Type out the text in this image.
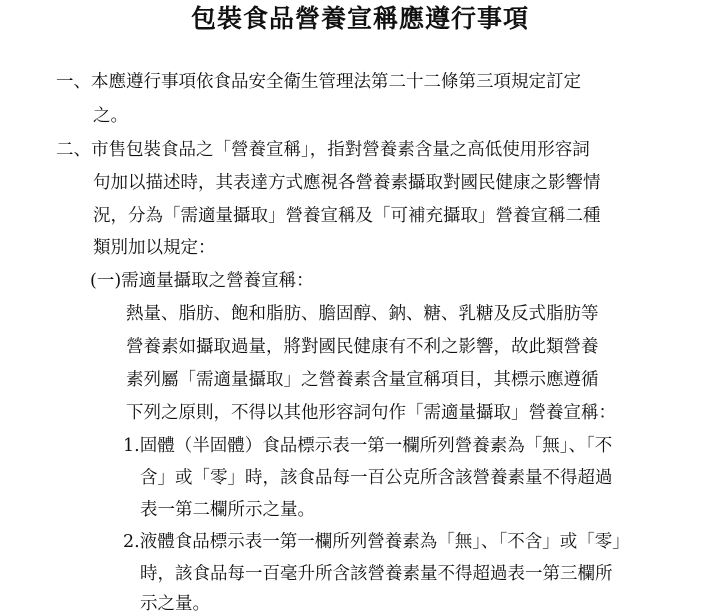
包裝食品營養宣稱應遵行事項
一、本應遵行事項依食品安全衛生管理法第二十二條第三項規定訂定
之。
二、市售包裝食品之「營養宣稱」，指對營養素含量之高低使用形容詞
句加以描述時，其表達方式應視各營養素攝取對國民健康之影響情
況，分為「需適量攝取」營養宣稱及「可補充攝取」營養宣稱二種
類別加以規定：
(一)需適量攝取之營養宣稱：
熱量、脂肪、飽和脂肪、膽固醇、鈉、糖、乳糖及反式脂肪等
營養素如攝取過量，將對國民健康有不利之影響，故此類營養
素列屬「需適量攝取」之營養素含量宣稱項目，其標示應遵循
下列之原則，不得以其他形容詞句作「需適量攝取」營養宣稱：
1.固體（半固體）食品標示表一第一欄所列營養素為「無」、「不
含」或「零」時，該食品每一百公克所含該營養素量不得超過
表一第二欄所示之量。
2.液體食品標示表一第一欄所列營養素為「無」、「不含」或「零」
時，該食品每一百毫升所含該營養素量不得超過表一第三欄所
示之量。
